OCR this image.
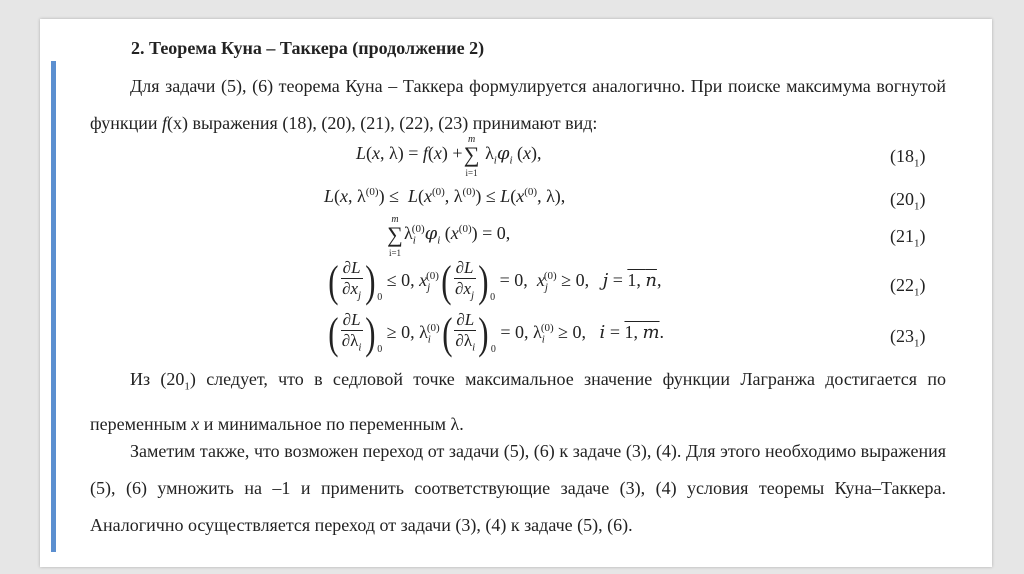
2. Теорема Куна – Таккера (продолжение 2)
Для задачи (5), (6) теорема Куна – Таккера формулируется аналогично. При поиске максимума вогнутой функции f(x) выражения (18), (20), (21), (22), (23) принимают вид:
L(x, λ) = f(x) +
m
∑
i=1
$\lambda_i\varphi_i$ (x),	$(18_1)$
L(x, $\lambda^{(0)}) \le L(x^{(0)}$, $\lambda^{(0)}) \le L(x^{(0)}$, λ),	$(20_1)$
m
∑
i=1
$\lambda_i^{(0)}\varphi_i$ $(x^{(0)}) = 0$,	$(21_1)$
( $\frac{\partial L}{\partial x_j}$ ) $_0$ ≤ 0, $x_j^{(0)}$ ( $\frac{\partial L}{\partial x_j}$ ) $_0$ = 0,  $x_j^{(0)} \ge 0$,   j = 1, n,	$(22_1)$
( $\frac{\partial L}{\partial\lambda_i}$ ) $_0$ ≥ 0, $\lambda_i^{(0)}$ ( $\frac{\partial L}{\partial\lambda_i}$ ) $_0$ = 0, $\lambda_i^{(0)} \ge 0$,   i = 1, m.	$(23_1)$
Из $(20_1)$ следует, что в седловой точке максимальное значение функции Лагранжа достигается по переменным x и минимальное по переменным λ.
Заметим также, что возможен переход от задачи (5), (6) к задаче (3), (4). Для этого необходимо выражения (5), (6) умножить на –1 и применить соответствующие задаче (3), (4) условия теоремы Куна–Таккера. Аналогично осуществляется переход от задачи (3), (4) к задаче (5), (6).
